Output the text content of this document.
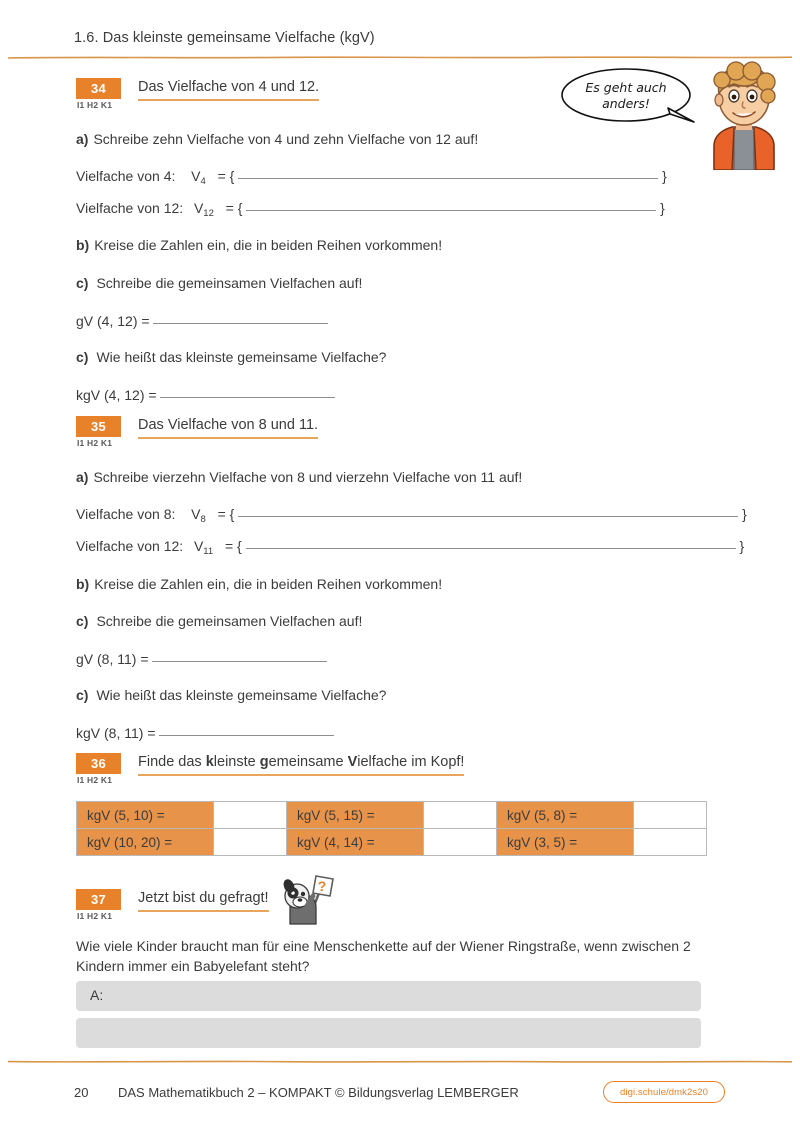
1.6. Das kleinste gemeinsame Vielfache (kgV)
Es geht auch
anders!
34
I1 H2 K1
Das Vielfache von 4 und 12.
a) Schreibe zehn Vielfache von 4 und zehn Vielfache von 12 auf!
Vielfache von 4: $V_4$ = {	}
Vielfache von 12: $V_{12}$ = {	}
b) Kreise die Zahlen ein, die in beiden Reihen vorkommen!
c) Schreibe die gemeinsamen Vielfachen auf!
gV (4, 12) =
c) Wie heißt das kleinste gemeinsame Vielfache?
kgV (4, 12) =
35
I1 H2 K1
Das Vielfache von 8 und 11.
a) Schreibe vierzehn Vielfache von 8 und vierzehn Vielfache von 11 auf!
Vielfache von 8: $V_8$ = {	}
Vielfache von 12: $V_{11}$ = {	}
b) Kreise die Zahlen ein, die in beiden Reihen vorkommen!
c) Schreibe die gemeinsamen Vielfachen auf!
gV (8, 11) =
c) Wie heißt das kleinste gemeinsame Vielfache?
kgV (8, 11) =
36
I1 H2 K1
Finde das kleinste gemeinsame Vielfache im Kopf!
kgV (5, 10) =		kgV (5, 15) =		kgV (5, 8) =	
kgV (10, 20) =		kgV (4, 14) =		kgV (3, 5) =	
37
I1 H2 K1
Jetzt bist du gefragt!
?
Wie viele Kinder braucht man für eine Menschenkette auf der Wiener Ringstraße, wenn zwischen 2 Kindern immer ein Babyelefant steht?
A:
20 DAS Mathematikbuch 2 – KOMPAKT © Bildungsverlag LEMBERGER	digi.schule/dmk2s20
